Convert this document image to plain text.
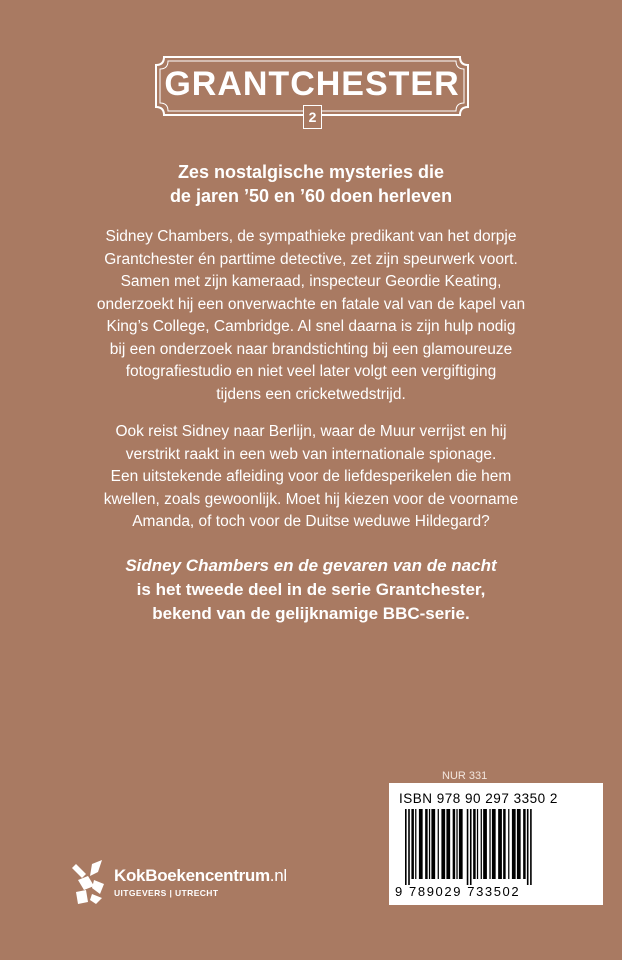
GRANTCHESTER
2
Zes nostalgische mysteries die
de jaren ’50 en ’60 doen herleven
Sidney Chambers, de sympathieke predikant van het dorpje
Grantchester én parttime detective, zet zijn speurwerk voort.
Samen met zijn kameraad, inspecteur Geordie Keating,
onderzoekt hij een onverwachte en fatale val van de kapel van
King’s College, Cambridge. Al snel daarna is zijn hulp nodig
bij een onderzoek naar brandstichting bij een glamoureuze
fotografiestudio en niet veel later volgt een vergiftiging
tijdens een cricketwedstrijd.
Ook reist Sidney naar Berlijn, waar de Muur verrijst en hij
verstrikt raakt in een web van internationale spionage.
Een uitstekende afleiding voor de liefdesperikelen die hem
kwellen, zoals gewoonlijk. Moet hij kiezen voor de voorname
Amanda, of toch voor de Duitse weduwe Hildegard?
Sidney Chambers en de gevaren van de nacht
is het tweede deel in de serie Grantchester,
bekend van de gelijknamige BBC-serie.
NUR 331
ISBN 978 90 297 3350 2
9 789029 733502
KokBoekencentrum.nl
UITGEVERS | UTRECHT
